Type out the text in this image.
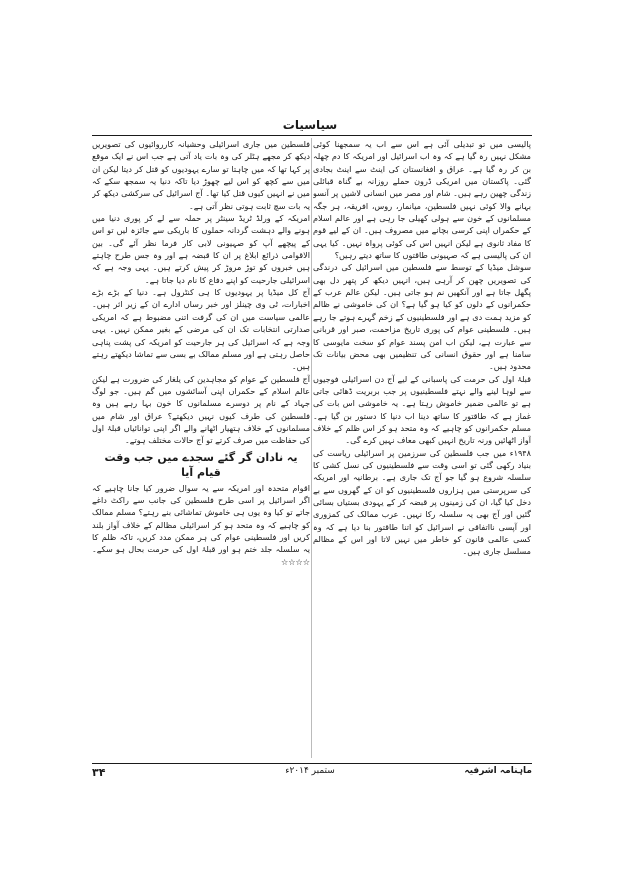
سیاسیات

پالیسی میں تو تبدیلی آئی ہے اس سے اب یہ سمجھنا کوئی مشکل نہیں رہ گیا ہے کہ وہ اب اسرائیل اور امریکہ کا دم چھلہ بن کر رہ گیا ہے۔ عراق و افغانستان کی اینٹ سے اینٹ بجادی گئی۔ پاکستان میں امریکی ڈرون حملے روزانہ بے گناہ قبائلی زندگی چھین رہے ہیں۔ شام اور مصر میں انسانی لاشیں پر آنسو بہانے والا کوئی نہیں فلسطین، میانمار، روس، افریقہ، ہر جگہ مسلمانوں کے خون سے ہولی کھیلی جا رہی ہے اور عالم اسلام کے حکمراں اپنی کرسی بچانے میں مصروف ہیں۔ ان کے لیے قوم کا مفاد ثانوی ہے لیکن انہیں اس کی کوئی پرواہ نہیں۔ کیا یہی ان کی پالیسی ہے کہ صہیونی طاقتوں کا ساتھ دیتے رہیں؟

سوشل میڈیا کے توسط سے فلسطین میں اسرائیل کی درندگی کی تصویریں چھن کر آرہی ہیں، انہیں دیکھ کر پتھر دل بھی پگھل جاتا ہے اور آنکھیں نم ہو جاتی ہیں۔ لیکن عالم عرب کے حکمرانوں کے دلوں کو کیا ہو گیا ہے؟ ان کی خاموشی نے ظالم کو مزید ہمت دی ہے اور فلسطینیوں کے زخم گہرے ہوتے جا رہے ہیں۔ فلسطینی عوام کی پوری تاریخ مزاحمت، صبر اور قربانی سے عبارت ہے، لیکن اب امن پسند عوام کو سخت مایوسی کا سامنا ہے اور حقوق انسانی کی تنظیمیں بھی محض بیانات تک محدود ہیں۔

قبلۂ اول کی حرمت کی پاسبانی کے لیے آج دن اسرائیلی فوجیوں سے لوہا لینے والے نہتے فلسطینیوں پر جب بربریت ڈھائی جاتی ہے تو عالمی ضمیر خاموش رہتا ہے۔ یہ خاموشی اس بات کی غماز ہے کہ طاقتور کا ساتھ دینا اب دنیا کا دستور بن گیا ہے۔ مسلم حکمرانوں کو چاہیے کہ وہ متحد ہو کر اس ظلم کے خلاف آواز اٹھائیں ورنہ تاریخ انہیں کبھی معاف نہیں کرے گی۔

۱۹۴۸ء میں جب فلسطین کی سرزمین پر اسرائیلی ریاست کی بنیاد رکھی گئی تو اسی وقت سے فلسطینیوں کی نسل کشی کا سلسلہ شروع ہو گیا جو آج تک جاری ہے۔ برطانیہ اور امریکہ کی سرپرستی میں ہزاروں فلسطینیوں کو ان کے گھروں سے بے دخل کیا گیا، ان کی زمینوں پر قبضہ کر کے یہودی بستیاں بسائی گئیں اور آج بھی یہ سلسلہ رکا نہیں۔ عرب ممالک کی کمزوری اور آپسی نااتفاقی نے اسرائیل کو اتنا طاقتور بنا دیا ہے کہ وہ کسی عالمی قانون کو خاطر میں نہیں لاتا اور اس کے مظالم مسلسل جاری ہیں۔

فلسطین میں جاری اسرائیلی وحشیانہ کارروائیوں کی تصویریں دیکھ کر مجھے ہٹلر کی وہ بات یاد آتی ہے جب اس نے ایک موقع پر کہا تھا کہ میں چاہتا تو سارے یہودیوں کو قتل کر دیتا لیکن ان میں سے کچھ کو اس لیے چھوڑ دیا تاکہ دنیا یہ سمجھ سکے کہ میں نے انہیں کیوں قتل کیا تھا۔ آج اسرائیل کی سرکشی دیکھ کر یہ بات سچ ثابت ہوتی نظر آتی ہے۔

امریکہ کے ورلڈ ٹریڈ سینٹر پر حملہ سے لے کر پوری دنیا میں ہونے والے دہشت گردانہ حملوں کا باریکی سے جائزہ لیں تو اس کے پیچھے آپ کو صہیونی لابی کار فرما نظر آئے گی۔ بین الاقوامی ذرائع ابلاغ پر ان کا قبضہ ہے اور وہ جس طرح چاہتے ہیں خبروں کو توڑ مروڑ کر پیش کرتے ہیں۔ یہی وجہ ہے کہ اسرائیلی جارحیت کو اپنے دفاع کا نام دیا جاتا ہے۔

آج کل میڈیا پر یہودیوں کا ہی کنٹرول ہے۔ دنیا کے بڑے بڑے اخبارات، ٹی وی چینلز اور خبر رساں ادارے ان کے زیر اثر ہیں۔ عالمی سیاست میں ان کی گرفت اتنی مضبوط ہے کہ امریکی صدارتی انتخابات تک ان کی مرضی کے بغیر ممکن نہیں۔ یہی وجہ ہے کہ اسرائیل کی ہر جارحیت کو امریکہ کی پشت پناہی حاصل رہتی ہے اور مسلم ممالک بے بسی سے تماشا دیکھتے رہتے ہیں۔

آج فلسطین کے عوام کو مجاہدین کی یلغار کی ضرورت ہے لیکن عالم اسلام کے حکمراں اپنی آسائشوں میں گم ہیں۔ جو لوگ جہاد کے نام پر دوسرے مسلمانوں کا خون بہا رہے ہیں وہ فلسطین کی طرف کیوں نہیں دیکھتے؟ عراق اور شام میں مسلمانوں کے خلاف ہتھیار اٹھانے والے اگر اپنی توانائیاں قبلۂ اول کی حفاظت میں صرف کرتے تو آج حالات مختلف ہوتے۔

یہ نادان گر گئے سجدے میں جب وقت قیام آیا

اقوام متحدہ اور امریکہ سے یہ سوال ضرور کیا جانا چاہیے کہ اگر اسرائیل پر اسی طرح فلسطین کی جانب سے راکٹ داغے جاتے تو کیا وہ یوں ہی خاموش تماشائی بنے رہتے؟ مسلم ممالک کو چاہیے کہ وہ متحد ہو کر اسرائیلی مظالم کے خلاف آواز بلند کریں اور فلسطینی عوام کی ہر ممکن مدد کریں، تاکہ ظلم کا یہ سلسلہ جلد ختم ہو اور قبلۂ اول کی حرمت بحال ہو سکے۔ ☆☆☆☆

۳۴	ستمبر ۲۰۱۴ء	ماہنامہ اشرفیہ
